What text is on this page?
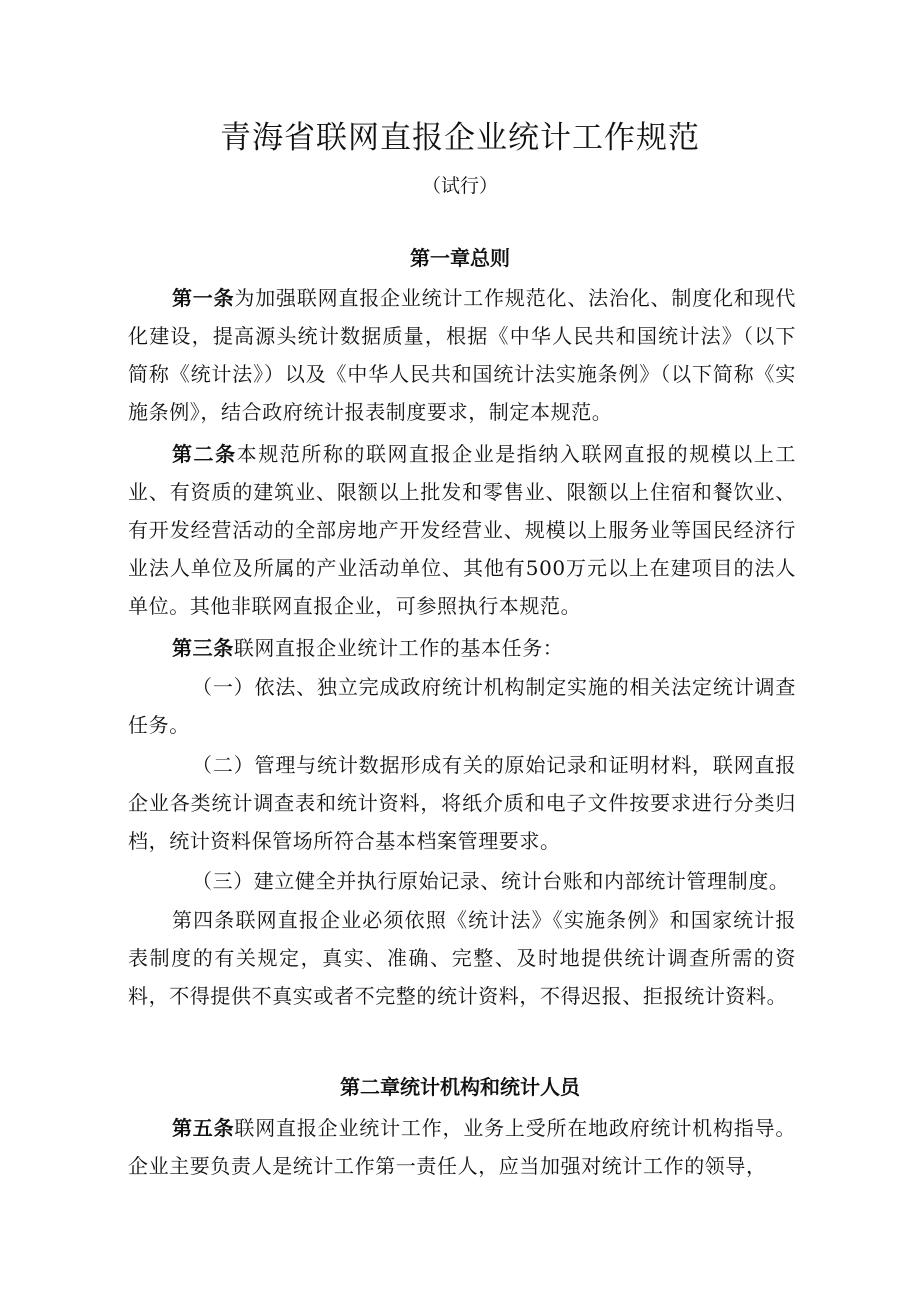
青海省联网直报企业统计工作规范
（试行）
第一章总则

第一条为加强联网直报企业统计工作规范化、法治化、制度化和现代化建设，提高源头统计数据质量，根据《中华人民共和国统计法》（以下简称《统计法》）以及《中华人民共和国统计法实施条例》（以下简称《实施条例》，结合政府统计报表制度要求，制定本规范。

第二条本规范所称的联网直报企业是指纳入联网直报的规模以上工业、有资质的建筑业、限额以上批发和零售业、限额以上住宿和餐饮业、有开发经营活动的全部房地产开发经营业、规模以上服务业等国民经济行业法人单位及所属的产业活动单位、其他有500万元以上在建项目的法人单位。其他非联网直报企业，可参照执行本规范。

第三条联网直报企业统计工作的基本任务：

（一）依法、独立完成政府统计机构制定实施的相关法定统计调查任务。

（二）管理与统计数据形成有关的原始记录和证明材料，联网直报企业各类统计调查表和统计资料，将纸介质和电子文件按要求进行分类归档，统计资料保管场所符合基本档案管理要求。

（三）建立健全并执行原始记录、统计台账和内部统计管理制度。

第四条联网直报企业必须依照《统计法》《实施条例》和国家统计报表制度的有关规定，真实、准确、完整、及时地提供统计调查所需的资料，不得提供不真实或者不完整的统计资料，不得迟报、拒报统计资料。

第二章统计机构和统计人员

第五条联网直报企业统计工作，业务上受所在地政府统计机构指导。企业主要负责人是统计工作第一责任人，应当加强对统计工作的领导，
